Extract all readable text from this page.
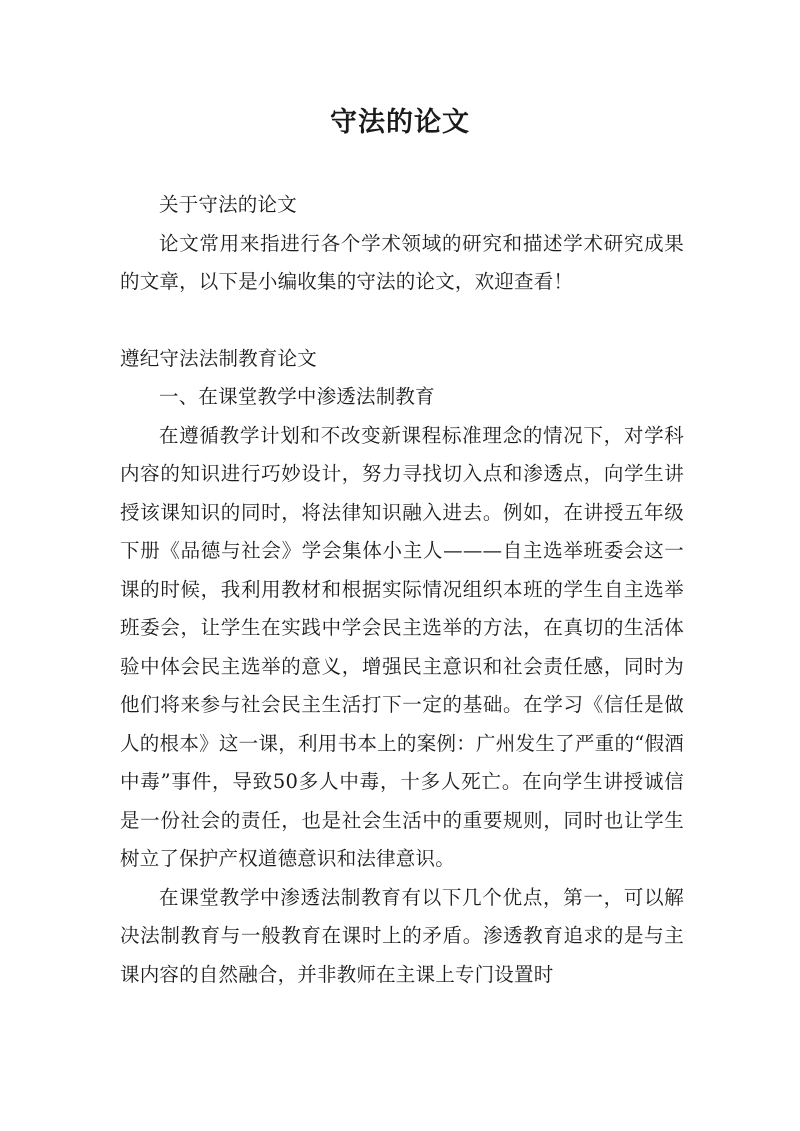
守法的论文

关于守法的论文

论文常用来指进行各个学术领域的研究和描述学术研究成果的文章，以下是小编收集的守法的论文，欢迎查看！

遵纪守法法制教育论文

一、在课堂教学中渗透法制教育

在遵循教学计划和不改变新课程标准理念的情况下，对学科内容的知识进行巧妙设计，努力寻找切入点和渗透点，向学生讲授该课知识的同时，将法律知识融入进去。例如，在讲授五年级下册《品德与社会》学会集体小主人———自主选举班委会这一课的时候，我利用教材和根据实际情况组织本班的学生自主选举班委会，让学生在实践中学会民主选举的方法，在真切的生活体验中体会民主选举的意义，增强民主意识和社会责任感，同时为他们将来参与社会民主生活打下一定的基础。在学习《信任是做人的根本》这一课，利用书本上的案例：广州发生了严重的“假酒中毒”事件，导致50多人中毒，十多人死亡。在向学生讲授诚信是一份社会的责任，也是社会生活中的重要规则，同时也让学生树立了保护产权道德意识和法律意识。

在课堂教学中渗透法制教育有以下几个优点，第一，可以解决法制教育与一般教育在课时上的矛盾。渗透教育追求的是与主课内容的自然融合，并非教师在主课上专门设置时
